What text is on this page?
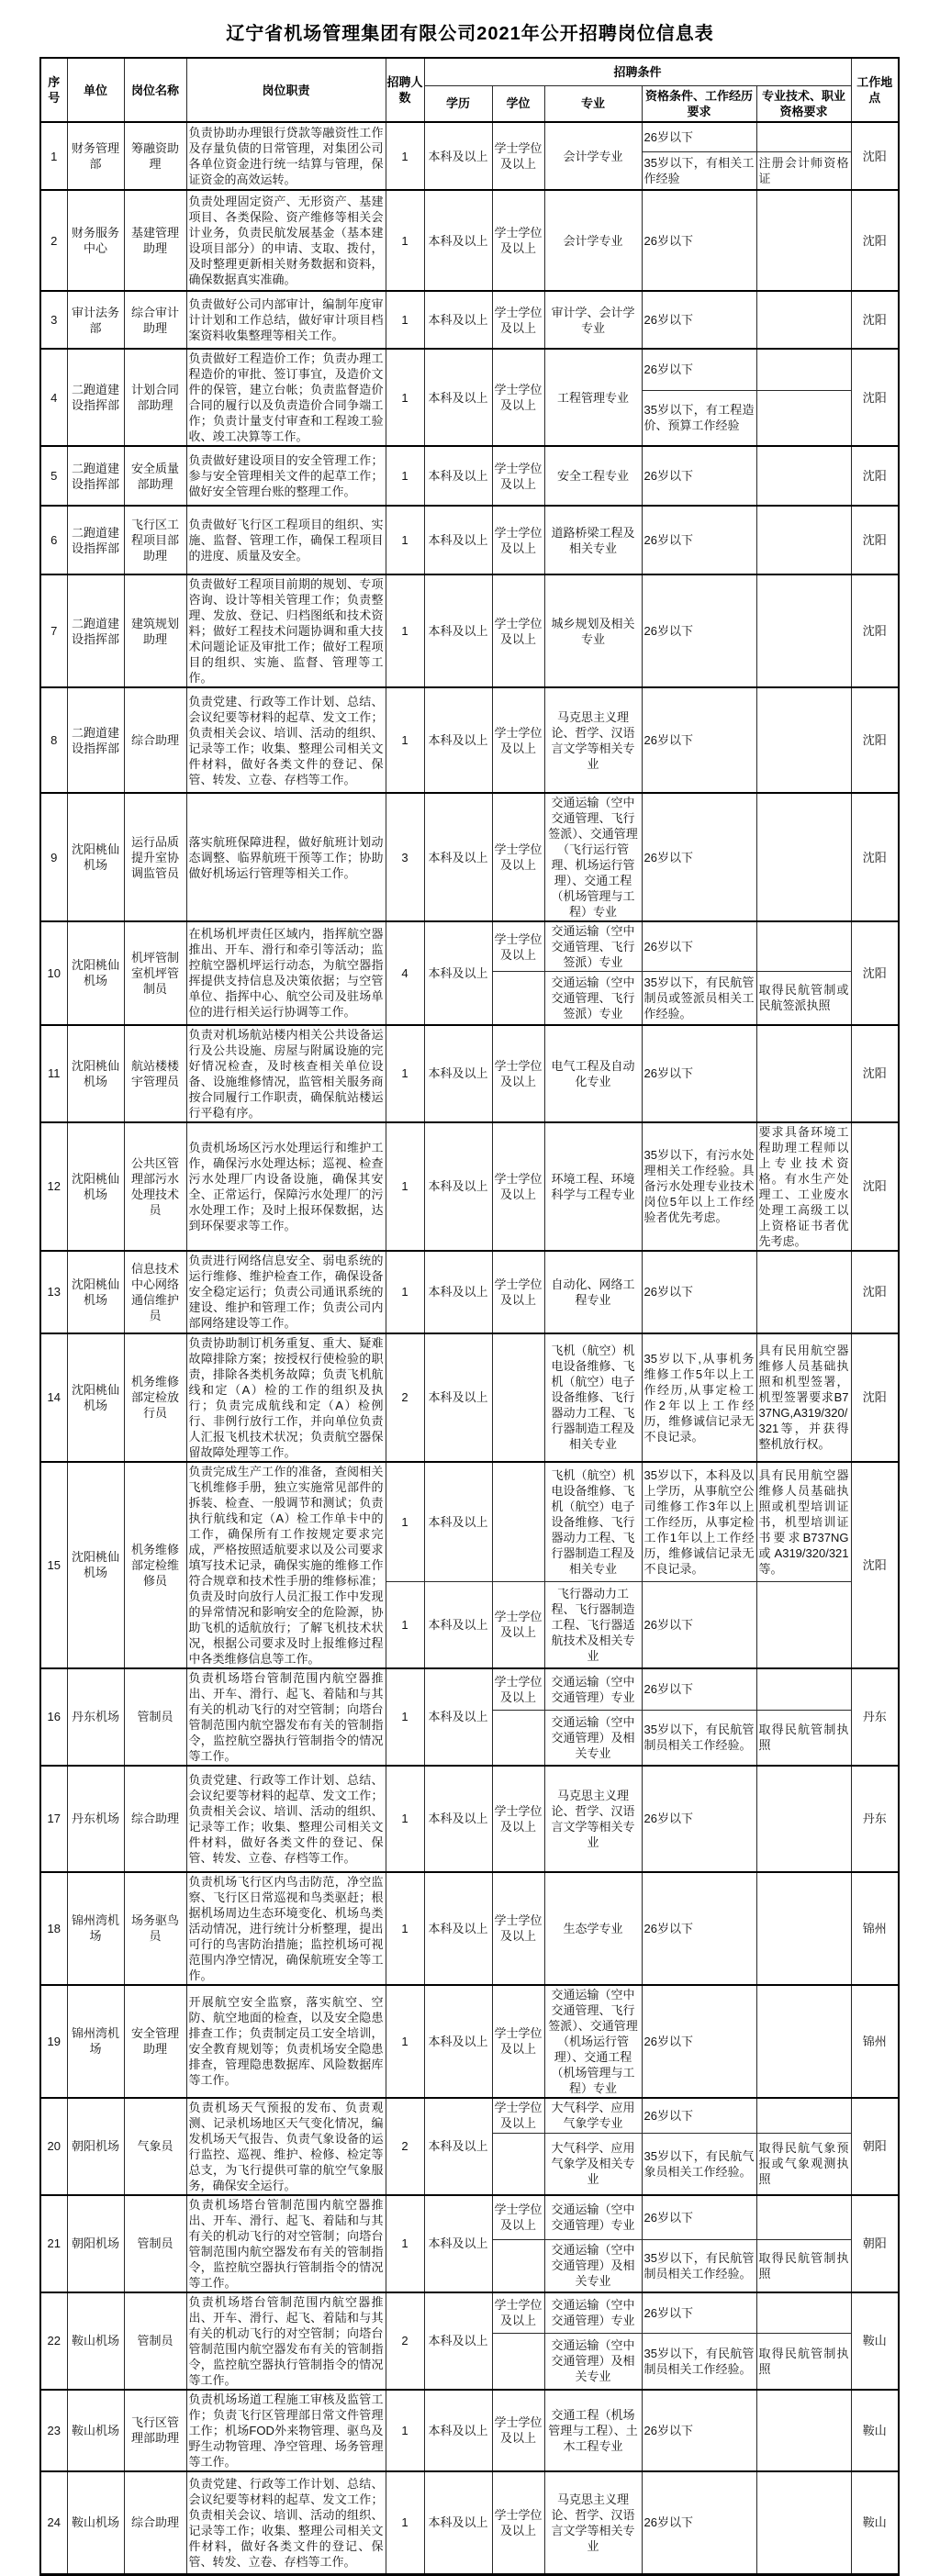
辽宁省机场管理集团有限公司2021年公开招聘岗位信息表
序号	单位	岗位名称	岗位职责	招聘人数	招聘条件					工作地点
					学历	学位	专业	资格条件、工作经历要求	专业技术、职业资格要求	
1	财务管理部	筹融资助理	负责协助办理银行贷款等融资性工作及存量负债的日常管理，对集团公司各单位资金进行统一结算与管理，保证资金的高效运转。	1	本科及以上	学士学位及以上	会计学专业	26岁以下		沈阳
								35岁以下，有相关工作经验	注册会计师资格证	
2	财务服务中心	基建管理助理	负责处理固定资产、无形资产、基建项目、各类保险、资产维修等相关会计业务，负责民航发展基金（基本建设项目部分）的申请、支取、拨付，及时整理更新相关财务数据和资料，确保数据真实准确。	1	本科及以上	学士学位及以上	会计学专业	26岁以下		沈阳
3	审计法务部	综合审计助理	负责做好公司内部审计，编制年度审计计划和工作总结，做好审计项目档案资料收集整理等相关工作。	1	本科及以上	学士学位及以上	审计学、会计学专业	26岁以下		沈阳
4	二跑道建设指挥部	计划合同部助理	负责做好工程造价工作；负责办理工程造价的审批、签订事宜，及造价文件的保管，建立台帐；负责监督造价合同的履行以及负责造价合同争端工作；负责计量支付审查和工程竣工验收、竣工决算等工作。	1	本科及以上	学士学位及以上	工程管理专业	26岁以下		沈阳
								35岁以下，有工程造价、预算工作经验		
5	二跑道建设指挥部	安全质量部助理	负责做好建设项目的安全管理工作；参与安全管理相关文件的起草工作；做好安全管理台账的整理工作。	1	本科及以上	学士学位及以上	安全工程专业	26岁以下		沈阳
6	二跑道建设指挥部	飞行区工程项目部助理	负责做好飞行区工程项目的组织、实施、监督、管理工作，确保工程项目的进度、质量及安全。	1	本科及以上	学士学位及以上	道路桥梁工程及相关专业	26岁以下		沈阳
7	二跑道建设指挥部	建筑规划助理	负责做好工程项目前期的规划、专项咨询、设计等相关管理工作；负责整理、发放、登记、归档图纸和技术资料；做好工程技术问题协调和重大技术问题论证及审批工作；做好工程项目的组织、实施、监督、管理等工作。	1	本科及以上	学士学位及以上	城乡规划及相关专业	26岁以下		沈阳
8	二跑道建设指挥部	综合助理	负责党建、行政等工作计划、总结、会议纪要等材料的起草、发文工作；负责相关会议、培训、活动的组织、记录等工作；收集、整理公司相关文件材料，做好各类文件的登记、保管、转发、立卷、存档等工作。	1	本科及以上	学士学位及以上	马克思主义理论、哲学、汉语言文学等相关专业	26岁以下		沈阳
9	沈阳桃仙机场	运行品质提升室协调监管员	落实航班保障进程，做好航班计划动态调整、临界航班干预等工作；协助做好机场运行管理等相关工作。	3	本科及以上	学士学位及以上	交通运输（空中交通管理、飞行签派）、交通管理（飞行运行管理、机场运行管理）、交通工程（机场管理与工程）专业	26岁以下		沈阳
10	沈阳桃仙机场	机坪管制室机坪管制员	在机场机坪责任区域内，指挥航空器推出、开车、滑行和牵引等活动；监控航空器机坪运行动态，为航空器指挥提供支持信息及决策依据；与空管单位、指挥中心、航空公司及驻场单位的进行相关运行协调等工作。	4	本科及以上	学士学位及以上	交通运输（空中交通管理、飞行签派）专业	26岁以下		沈阳
							交通运输（空中交通管理、飞行签派）专业	35岁以下，有民航管制员或签派员相关工作经验。	取得民航管制或民航签派执照	
11	沈阳桃仙机场	航站楼楼宇管理员	负责对机场航站楼内相关公共设备运行及公共设施、房屋与附属设施的完好情况检查，及时核查相关单位设备、设施维修情况，监管相关服务商按合同履行工作职责，确保航站楼运行平稳有序。	1	本科及以上	学士学位及以上	电气工程及自动化专业	26岁以下		沈阳
12	沈阳桃仙机场	公共区管理部污水处理技术员	负责机场场区污水处理运行和维护工作，确保污水处理达标；巡视、检查污水处理厂内设备设施，确保其安全、正常运行，保障污水处理厂的污水处理工作；及时上报环保数据，达到环保要求等工作。	1	本科及以上	学士学位及以上	环境工程、环境科学与工程专业	35岁以下，有污水处理相关工作经验。具备污水处理专业技术岗位5年以上工作经验者优先考虑。	要求具备环境工程助理工程师以上专业技术资格。有水生产处理工、工业废水处理工高级工以上资格证书者优先考虑。	沈阳
13	沈阳桃仙机场	信息技术中心网络通信维护员	负责进行网络信息安全、弱电系统的运行维修、维护检查工作，确保设备安全稳定运行；负责公司通讯系统的建设、维护和管理工作；负责公司内部网络建设等工作。	1	本科及以上	学士学位及以上	自动化、网络工程专业	26岁以下		沈阳
14	沈阳桃仙机场	机务维修部定检放行员	负责协助制订机务重复、重大、疑难故障排除方案；按授权行使检验的职责，排除各类机务故障；负责飞机航线和定（A）检的工作的组织及执行；负责完成航线和定（A）检例行、非例行放行工作，并向单位负责人汇报飞机技术状况；负责航空器保留故障处理等工作。	2	本科及以上		飞机（航空）机电设备维修、飞机（航空）电子设备维修、飞行器动力工程、飞行器制造工程及相关专业	35岁以下,从事机务维修工作5年以上工作经历,从事定检工作2年以上工作经历，维修诚信记录无不良记录。	具有民用航空器维修人员基础执照和机型签署，机型签署要求B737NG,A319/320/321等，并获得整机放行权。	沈阳
15	沈阳桃仙机场	机务维修部定检维修员	负责完成生产工作的准备，查阅相关飞机维修手册，独立实施常见部件的拆装、检查、一般调节和测试；负责执行航线和定（A）检工作单卡中的工作，确保所有工作按规定要求完成，严格按照适航要求以及公司要求填写技术记录，确保实施的维修工作符合规章和技术性手册的维修标准；负责及时向放行人员汇报工作中发现的异常情况和影响安全的危险源，协助飞机的适航放行；了解飞机技术状况，根据公司要求及时上报维修过程中各类维修信息等工作。	1	本科及以上		飞机（航空）机电设备维修、飞机（航空）电子设备维修、飞行器动力工程、飞行器制造工程及相关专业	35岁以下，本科及以上学历，从事航空公司维修工作3年以上工作经历，从事定检工作1年以上工作经历，维修诚信记录无不良记录。	具有民用航空器维修人员基础执照或机型培训证书，机型培训证书要求B737NG或A319/320/321等。	沈阳
				1	本科及以上	学士学位及以上	飞行器动力工程、飞行器制造工程、飞行器适航技术及相关专业	26岁以下		
16	丹东机场	管制员	负责机场塔台管制范围内航空器推出、开车、滑行、起飞、着陆和与其有关的机动飞行的对空管制；向塔台管制范围内航空器发布有关的管制指令，监控航空器执行管制指令的情况等工作。	1	本科及以上	学士学位及以上	交通运输（空中交通管理）专业	26岁以下		丹东
							交通运输（空中交通管理）及相关专业	35岁以下，有民航管制员相关工作经验。	取得民航管制执照	
17	丹东机场	综合助理	负责党建、行政等工作计划、总结、会议纪要等材料的起草、发文工作；负责相关会议、培训、活动的组织、记录等工作；收集、整理公司相关文件材料，做好各类文件的登记、保管、转发、立卷、存档等工作。	1	本科及以上	学士学位及以上	马克思主义理论、哲学、汉语言文学等相关专业	26岁以下		丹东
18	锦州湾机场	场务驱鸟员	负责机场飞行区内鸟击防范，净空监察、飞行区日常巡视和鸟类驱赶；根据机场周边生态环境变化、机场鸟类活动情况，进行统计分析整理，提出可行的鸟害防治措施；监控机场可视范围内净空情况，确保航班安全等工作。	1	本科及以上	学士学位及以上	生态学专业	26岁以下		锦州
19	锦州湾机场	安全管理助理	开展航空安全监察，落实航空、空防、航空地面的检查，以及安全隐患排查工作；负责制定员工安全培训，安全教育规划等；负责机场安全隐患排查，管理隐患数据库、风险数据库等工作。	1	本科及以上	学士学位及以上	交通运输（空中交通管理、飞行签派）、交通管理（机场运行管理）、交通工程（机场管理与工程）专业	26岁以下		锦州
20	朝阳机场	气象员	负责机场天气预报的发布、负责观测、记录机场地区天气变化情况，编发机场天气报告、负责气象设备的运行监控、巡视、维护、检修、检定等总支，为飞行提供可靠的航空气象服务，确保安全运行。	2	本科及以上	学士学位及以上	大气科学、应用气象学专业	26岁以下		朝阳
							大气科学、应用气象学及相关专业	35岁以下，有民航气象员相关工作经验。	取得民航气象预报或气象观测执照	
21	朝阳机场	管制员	负责机场塔台管制范围内航空器推出、开车、滑行、起飞、着陆和与其有关的机动飞行的对空管制；向塔台管制范围内航空器发布有关的管制指令，监控航空器执行管制指令的情况等工作。	1	本科及以上	学士学位及以上	交通运输（空中交通管理）专业	26岁以下		朝阳
							交通运输（空中交通管理）及相关专业	35岁以下，有民航管制员相关工作经验。	取得民航管制执照	
22	鞍山机场	管制员	负责机场塔台管制范围内航空器推出、开车、滑行、起飞、着陆和与其有关的机动飞行的对空管制；向塔台管制范围内航空器发布有关的管制指令，监控航空器执行管制指令的情况等工作。	2	本科及以上	学士学位及以上	交通运输（空中交通管理）专业	26岁以下		鞍山
							交通运输（空中交通管理）及相关专业	35岁以下，有民航管制员相关工作经验。	取得民航管制执照	
23	鞍山机场	飞行区管理部助理	负责机场场道工程施工审核及监管工作；负责飞行区管理部日常文件管理工作；机场FOD外来物管理、驱鸟及野生动物管理、净空管理、场务管理等工作。	1	本科及以上	学士学位及以上	交通工程（机场管理与工程）、土木工程专业	26岁以下		鞍山
24	鞍山机场	综合助理	负责党建、行政等工作计划、总结、会议纪要等材料的起草、发文工作；负责相关会议、培训、活动的组织、记录等工作；收集、整理公司相关文件材料，做好各类文件的登记、保管、转发、立卷、存档等工作。	1	本科及以上	学士学位及以上	马克思主义理论、哲学、汉语言文学等相关专业	26岁以下		鞍山
